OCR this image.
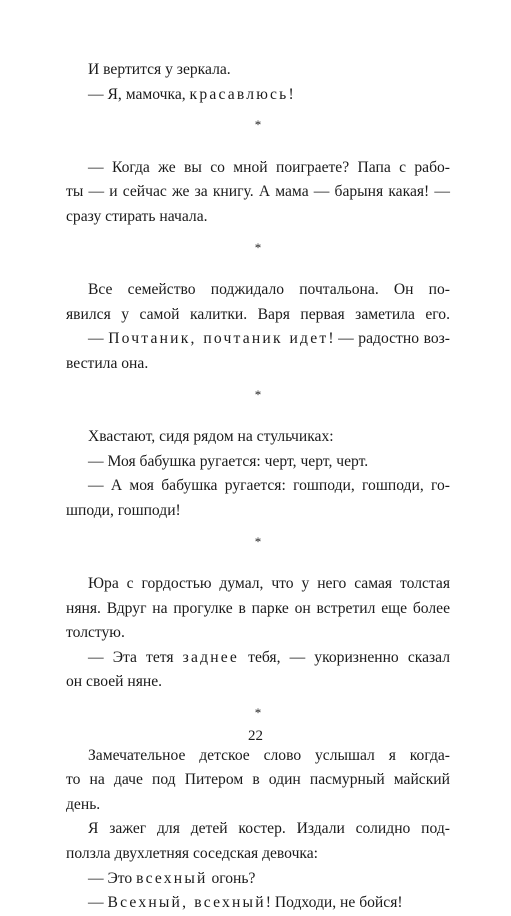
И вертится у зеркала.
— Я, мамочка, красавлюсь!
*
— Когда же вы со мной поиграете? Папа с рабо-
ты — и сейчас же за книгу. А мама — барыня какая! —
сразу стирать начала.
*
Все семейство поджидало почтальона. Он по-
явился у самой калитки. Варя первая заметила его.
— Почтаник, почтаник идет! — радостно воз-
вестила она.
*
Хвастают, сидя рядом на стульчиках:
— Моя бабушка ругается: черт, черт, черт.
— А моя бабушка ругается: гошподи, гошподи, го-
шподи, гошподи!
*
Юра с гордостью думал, что у него самая толстая
няня. Вдруг на прогулке в парке он встретил еще более
толстую.
— Эта тетя заднее тебя, — укоризненно сказал
он своей няне.
*
Замечательное детское слово услышал я когда-
то на даче под Питером в один пасмурный майский
день.
Я зажег для детей костер. Издали солидно под-
ползла двухлетняя соседская девочка:
— Это всехный огонь?
— Всехный, всехный! Подходи, не бойся!
22
